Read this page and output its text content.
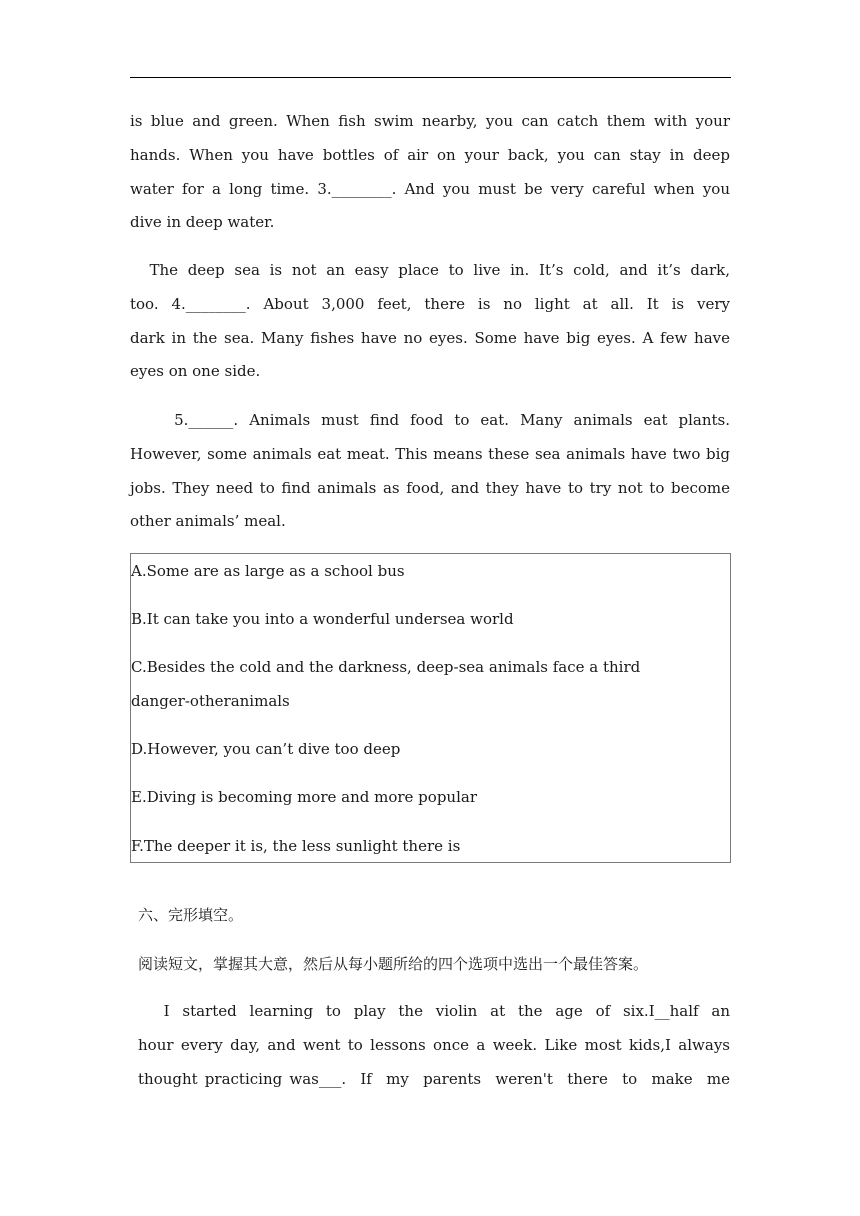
is blue and green. When fish swim nearby, you can catch them with your
hands. When you have bottles of air on your back, you can stay in deep
water for a long time. 3.________. And you must be very careful when you
dive in deep water.
The deep sea is not an easy place to live in. It’s cold, and it’s dark,
too. 4.________. About 3,000 feet, there is no light at all. It is very
dark in the sea. Many fishes have no eyes. Some have big eyes. A few have
eyes on one side.
5.______. Animals must find food to eat. Many animals eat plants.
However, some animals eat meat. This means these sea animals have two big
jobs. They need to find animals as food, and they have to try not to become
other animals’ meal.
A.Some are as large as a school bus
B.It can take you into a wonderful undersea world
C.Besides the cold and the darkness, deep-sea animals face a third
danger-otheranimals
D.However, you can’t dive too deep
E.Diving is becoming more and more popular
F.The deeper it is, the less sunlight there is
六、完形填空。
阅读短文，掌握其大意，然后从每小题所给的四个选项中选出一个最佳答案。
I started learning to play the violin at the age of six.I__half an
hour every day, and went to lessons once a week. Like most kids,I always
thought practicing was___.  If  my  parents  weren't  there  to  make  me
